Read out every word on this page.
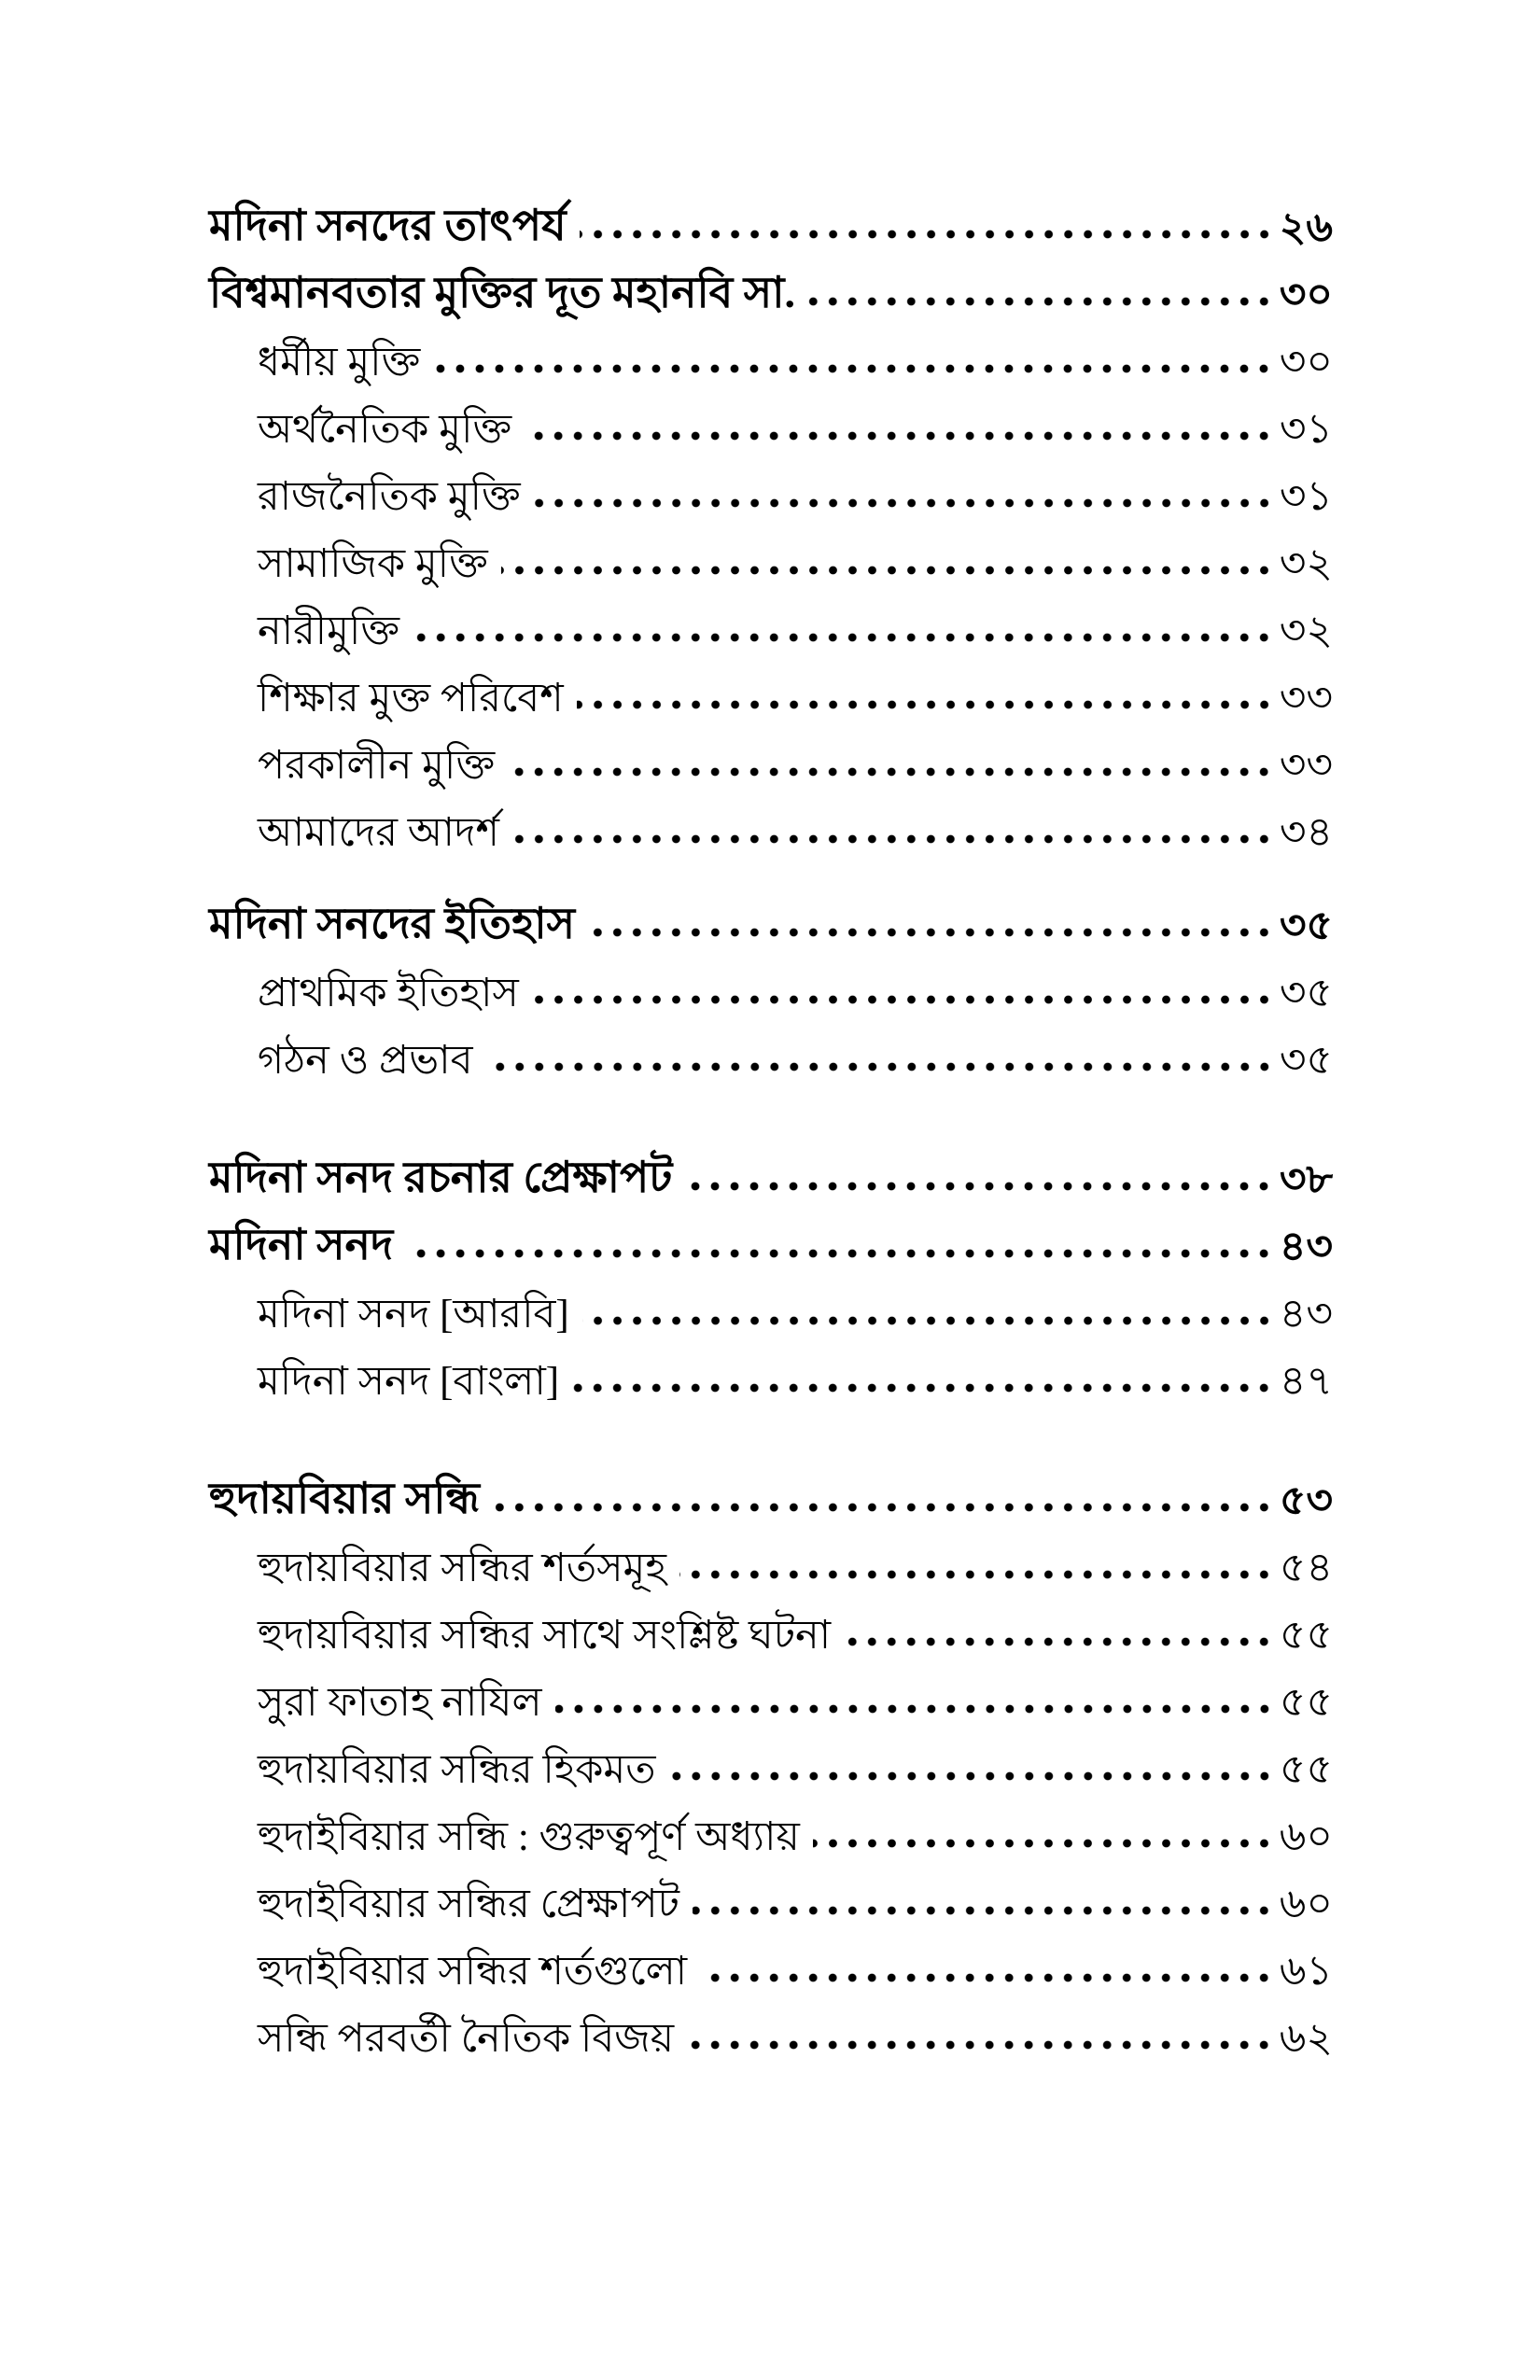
মদিনা সনদের তাৎপর্য	২৬
বিশ্বমানবতার মুক্তির দূত মহানবি সা.	৩০
ধর্মীয় মুক্তি	৩০
অর্থনৈতিক মুক্তি	৩১
রাজনৈতিক মুক্তি	৩১
সামাজিক মুক্তি	৩২
নারীমুক্তি	৩২
শিক্ষার মুক্ত পরিবেশ	৩৩
পরকালীন মুক্তি	৩৩
আমাদের আদর্শ	৩৪
মদিনা সনদের ইতিহাস	৩৫
প্রাথমিক ইতিহাস	৩৫
গঠন ও প্রভাব	৩৫
মদিনা সনদ রচনার প্রেক্ষাপট	৩৮
মদিনা সনদ	৪৩
মদিনা সনদ [আরবি]	৪৩
মদিনা সনদ [বাংলা]	৪৭
হুদায়বিয়ার সন্ধি	৫৩
হুদায়বিয়ার সন্ধির শর্তসমূহ	৫৪
হুদায়বিয়ার সন্ধির সাথে সংশ্লিষ্ট ঘটনা	৫৫
সুরা ফাতাহ নাযিল	৫৫
হুদায়বিয়ার সন্ধির হিকমত	৫৫
হুদাইবিয়ার সন্ধি : গুরুত্বপূর্ণ অধ্যায়	৬০
হুদাইবিয়ার সন্ধির প্রেক্ষাপট	৬০
হুদাইবিয়ার সন্ধির শর্তগুলো	৬১
সন্ধি পরবর্তী নৈতিক বিজয়	৬২
